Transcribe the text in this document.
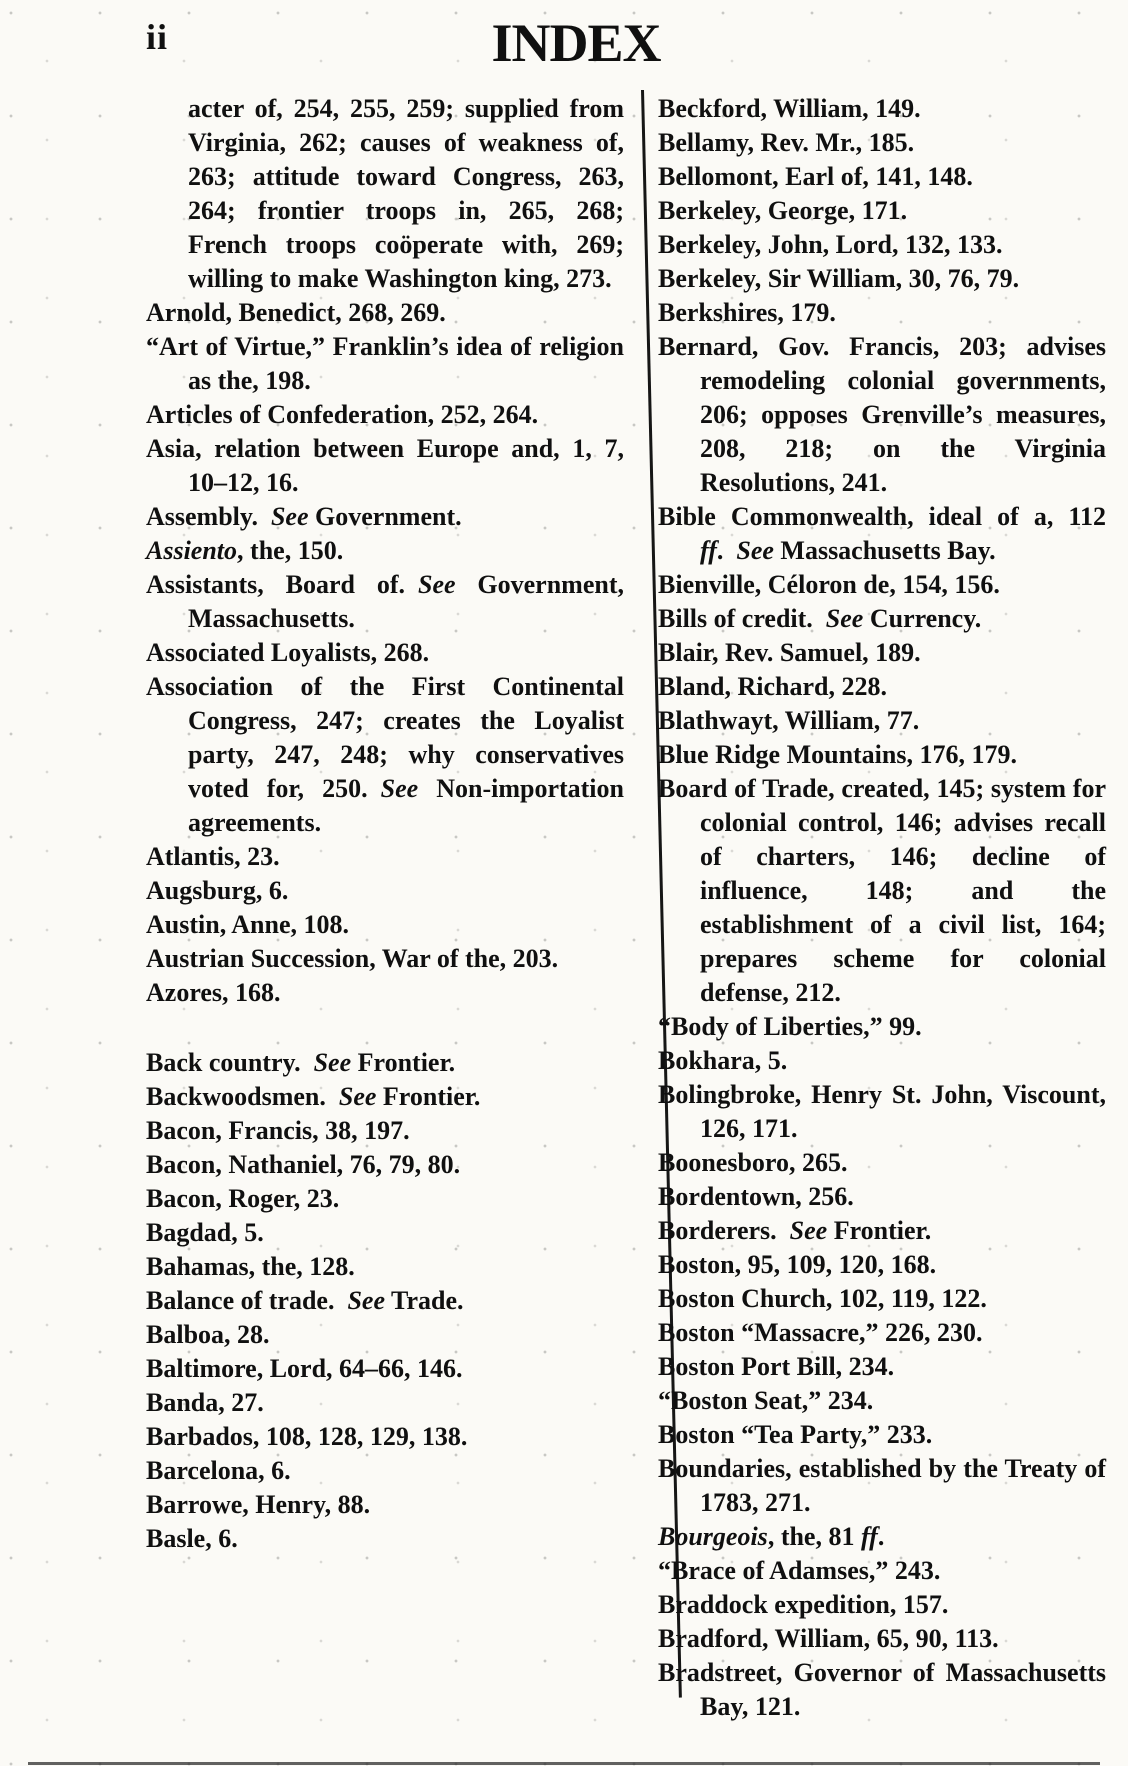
ii	INDEX

acter of, 254, 255, 259; supplied from Virginia, 262; causes of weakness of, 263; attitude toward Congress, 263, 264; frontier troops in, 265, 268; French troops coöperate with, 269; willing to make Washington king, 273.

Arnold, Benedict, 268, 269.

“Art of Virtue,” Franklin’s idea of religion as the, 198.

Articles of Confederation, 252, 264.

Asia, relation between Europe and, 1, 7, 10–12, 16.

Assembly. See Government.

Assiento, the, 150.

Assistants, Board of. See Government, Massachusetts.

Associated Loyalists, 268.

Association of the First Continental Congress, 247; creates the Loyalist party, 247, 248; why conservatives voted for, 250. See Non-importation agreements.

Atlantis, 23.

Augsburg, 6.

Austin, Anne, 108.

Austrian Succession, War of the, 203.

Azores, 168.

Back country. See Frontier.

Backwoodsmen. See Frontier.

Bacon, Francis, 38, 197.

Bacon, Nathaniel, 76, 79, 80.

Bacon, Roger, 23.

Bagdad, 5.

Bahamas, the, 128.

Balance of trade. See Trade.

Balboa, 28.

Baltimore, Lord, 64–66, 146.

Banda, 27.

Barbados, 108, 128, 129, 138.

Barcelona, 6.

Barrowe, Henry, 88.

Basle, 6.

Beckford, William, 149.

Bellamy, Rev. Mr., 185.

Bellomont, Earl of, 141, 148.

Berkeley, George, 171.

Berkeley, John, Lord, 132, 133.

Berkeley, Sir William, 30, 76, 79.

Berkshires, 179.

Bernard, Gov. Francis, 203; advises remodeling colonial governments, 206; opposes Grenville’s measures, 208, 218; on the Virginia Resolutions, 241.

Bible Commonwealth, ideal of a, 112 ff. See Massachusetts Bay.

Bienville, Céloron de, 154, 156.

Bills of credit. See Currency.

Blair, Rev. Samuel, 189.

Bland, Richard, 228.

Blathwayt, William, 77.

Blue Ridge Mountains, 176, 179.

Board of Trade, created, 145; system for colonial control, 146; advises recall of charters, 146; decline of influence, 148; and the establishment of a civil list, 164; prepares scheme for colonial defense, 212.

“Body of Liberties,” 99.

Bokhara, 5.

Bolingbroke, Henry St. John, Viscount, 126, 171.

Boonesboro, 265.

Bordentown, 256.

Borderers. See Frontier.

Boston, 95, 109, 120, 168.

Boston Church, 102, 119, 122.

Boston “Massacre,” 226, 230.

Boston Port Bill, 234.

“Boston Seat,” 234.

Boston “Tea Party,” 233.

Boundaries, established by the Treaty of 1783, 271.

Bourgeois, the, 81 ff.

“Brace of Adamses,” 243.

Braddock expedition, 157.

Bradford, William, 65, 90, 113.

Bradstreet, Governor of Massachusetts Bay, 121.
